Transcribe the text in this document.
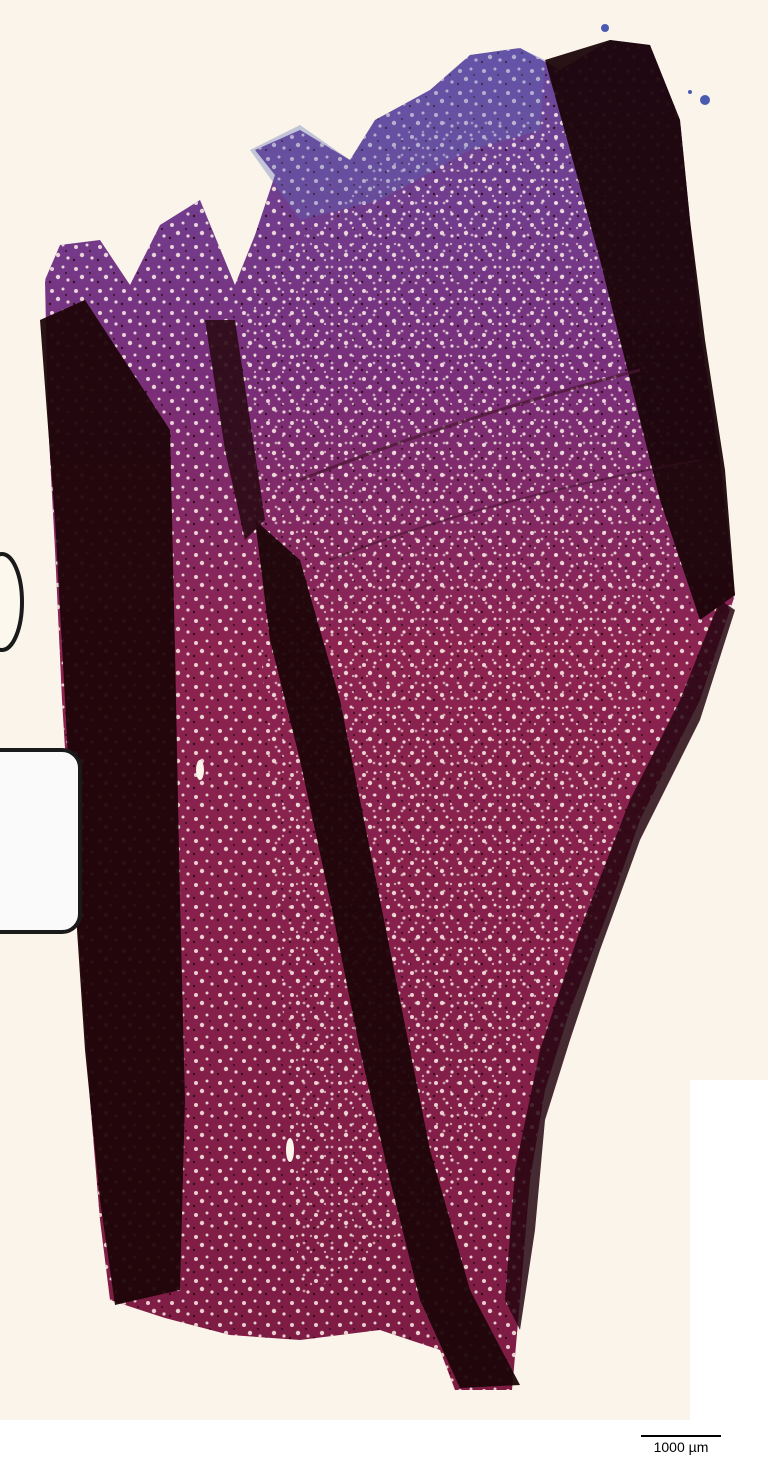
1000 µm
